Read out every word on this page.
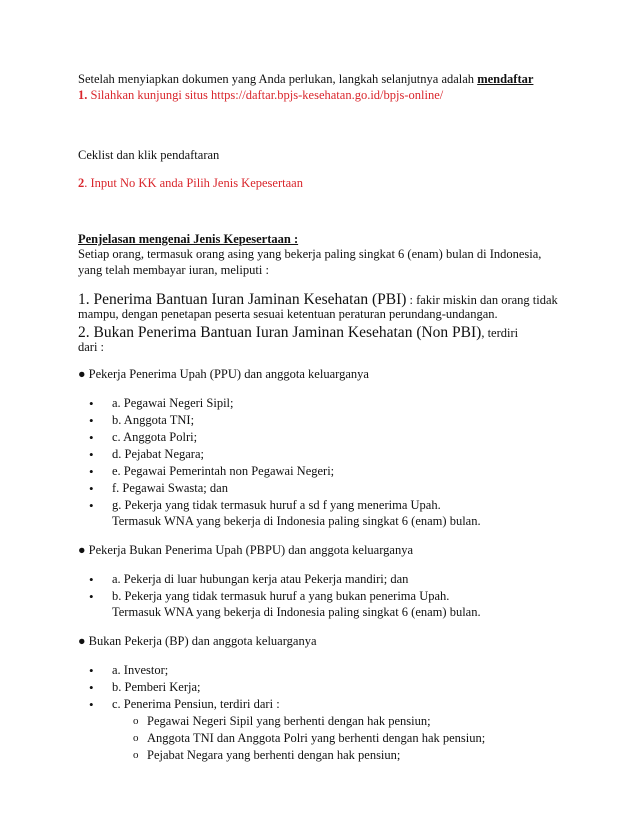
Setelah menyiapkan dokumen yang Anda perlukan, langkah selanjutnya adalah mendaftar
1. Silahkan kunjungi situs https://daftar.bpjs-kesehatan.go.id/bpjs-online/
Ceklist dan klik pendaftaran
2. Input No KK anda Pilih Jenis Kepesertaan
Penjelasan mengenai Jenis Kepesertaan :
Setiap orang, termasuk orang asing yang bekerja paling singkat 6 (enam) bulan di Indonesia,
yang telah membayar iuran, meliputi :
1. Penerima Bantuan Iuran Jaminan Kesehatan (PBI) : fakir miskin dan orang tidak
mampu, dengan penetapan peserta sesuai ketentuan peraturan perundang-undangan.
2. Bukan Penerima Bantuan Iuran Jaminan Kesehatan (Non PBI), terdiri
dari :
● Pekerja Penerima Upah (PPU) dan anggota keluarganya
• a. Pegawai Negeri Sipil;
• b. Anggota TNI;
• c. Anggota Polri;
• d. Pejabat Negara;
• e. Pegawai Pemerintah non Pegawai Negeri;
• f. Pegawai Swasta; dan
• g. Pekerja yang tidak termasuk huruf a sd f yang menerima Upah.
Termasuk WNA yang bekerja di Indonesia paling singkat 6 (enam) bulan.
● Pekerja Bukan Penerima Upah (PBPU) dan anggota keluarganya
• a. Pekerja di luar hubungan kerja atau Pekerja mandiri; dan
• b. Pekerja yang tidak termasuk huruf a yang bukan penerima Upah.
Termasuk WNA yang bekerja di Indonesia paling singkat 6 (enam) bulan.
● Bukan Pekerja (BP) dan anggota keluarganya
• a. Investor;
• b. Pemberi Kerja;
• c. Penerima Pensiun, terdiri dari :
o Pegawai Negeri Sipil yang berhenti dengan hak pensiun;
o Anggota TNI dan Anggota Polri yang berhenti dengan hak pensiun;
o Pejabat Negara yang berhenti dengan hak pensiun;
